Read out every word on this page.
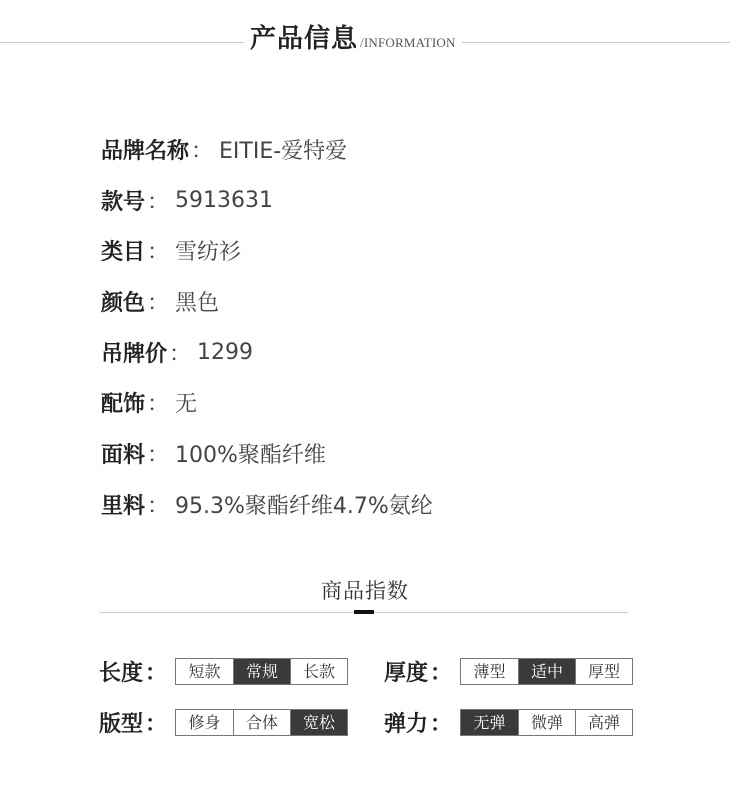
产品信息 /INFORMATION
品牌名称 ： EITIE-爱特爱
款号 ： 5913631
类目 ： 雪纺衫
颜色 ： 黑色
吊牌价 ： 1299
配饰 ： 无
面料 ： 100%聚酯纤维
里料 ： 95.3%聚酯纤维4.7%氨纶
商品指数
长度：	短款	常规	长款	厚度：	薄型	适中	厚型
版型：	修身	合体	宽松	弹力：	无弹	微弹	高弹
